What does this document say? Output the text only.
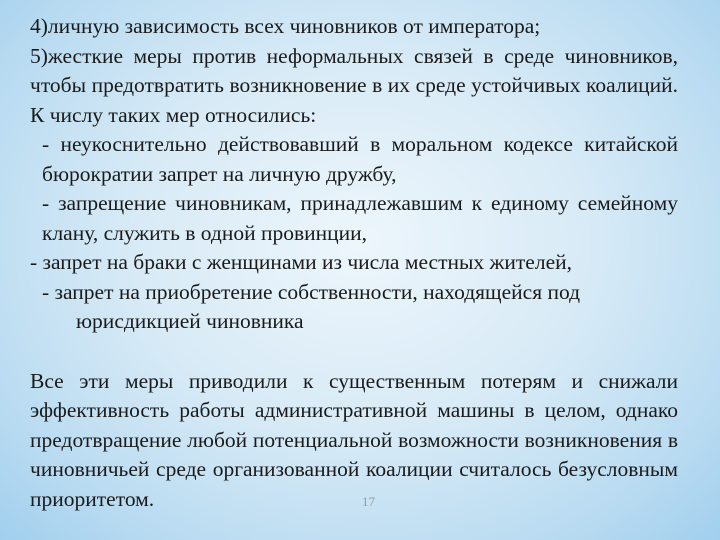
4)личную зависимость всех чиновников от императора;

5)жесткие меры против неформальных связей в среде чиновников, чтобы предотвратить возникновение в их среде устойчивых коалиций. К числу таких мер относились:

- неукоснительно действовавший в моральном кодексе китайской бюрократии запрет на личную дружбу,

- запрещение чиновникам, принадлежавшим к единому семейному клану, служить в одной провинции,

- запрет на браки с женщинами из числа местных жителей,

- запрет на приобретение собственности, находящейся под
юрисдикцией чиновника

Все эти меры приводили к существенным потерям и снижали эффективность работы административной машины в целом, однако предотвращение любой потенциальной возможности возникновения в чиновничьей среде организованной коалиции считалось безусловным приоритетом.	17
